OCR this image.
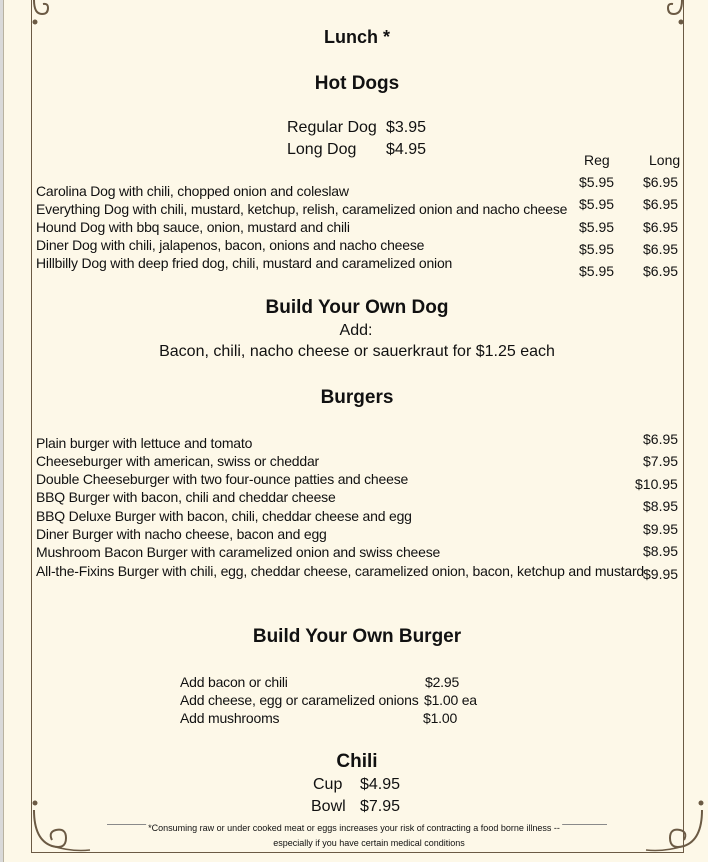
Lunch *
Hot Dogs
Regular Dog $3.95
Long Dog $4.95
Reg	Long
Carolina Dog with chili, chopped onion and coleslaw
Everything Dog with chili, mustard, ketchup, relish, caramelized onion and nacho cheese
Hound Dog with bbq sauce, onion, mustard and chili
Diner Dog with chili, jalapenos, bacon, onions and nacho cheese
Hillbilly Dog with deep fried dog, chili, mustard and caramelized onion
$5.95
$5.95
$5.95
$5.95
$5.95
$6.95
$6.95
$6.95
$6.95
$6.95
Build Your Own Dog
Add:
Bacon, chili, nacho cheese or sauerkraut for $1.25 each
Burgers
Plain burger with lettuce and tomato
Cheeseburger with american, swiss or cheddar
Double Cheeseburger with two four-ounce patties and cheese
BBQ Burger with bacon, chili and cheddar cheese
BBQ Deluxe Burger with bacon, chili, cheddar cheese and egg
Diner Burger with nacho cheese, bacon and egg
Mushroom Bacon Burger with caramelized onion and swiss cheese
All-the-Fixins Burger with chili, egg, cheddar cheese, caramelized onion, bacon, ketchup and mustard
$6.95
$7.95
$10.95
$8.95
$9.95
$8.95
$9.95
Build Your Own Burger
Add bacon or chili
Add cheese, egg or caramelized onions
Add mushrooms
$2.95
$1.00 ea
$1.00
Chili
Cup $4.95
Bowl $7.95
*Consuming raw or under cooked meat or eggs increases your risk of contracting a food borne illness --
especially if you have certain medical conditions
